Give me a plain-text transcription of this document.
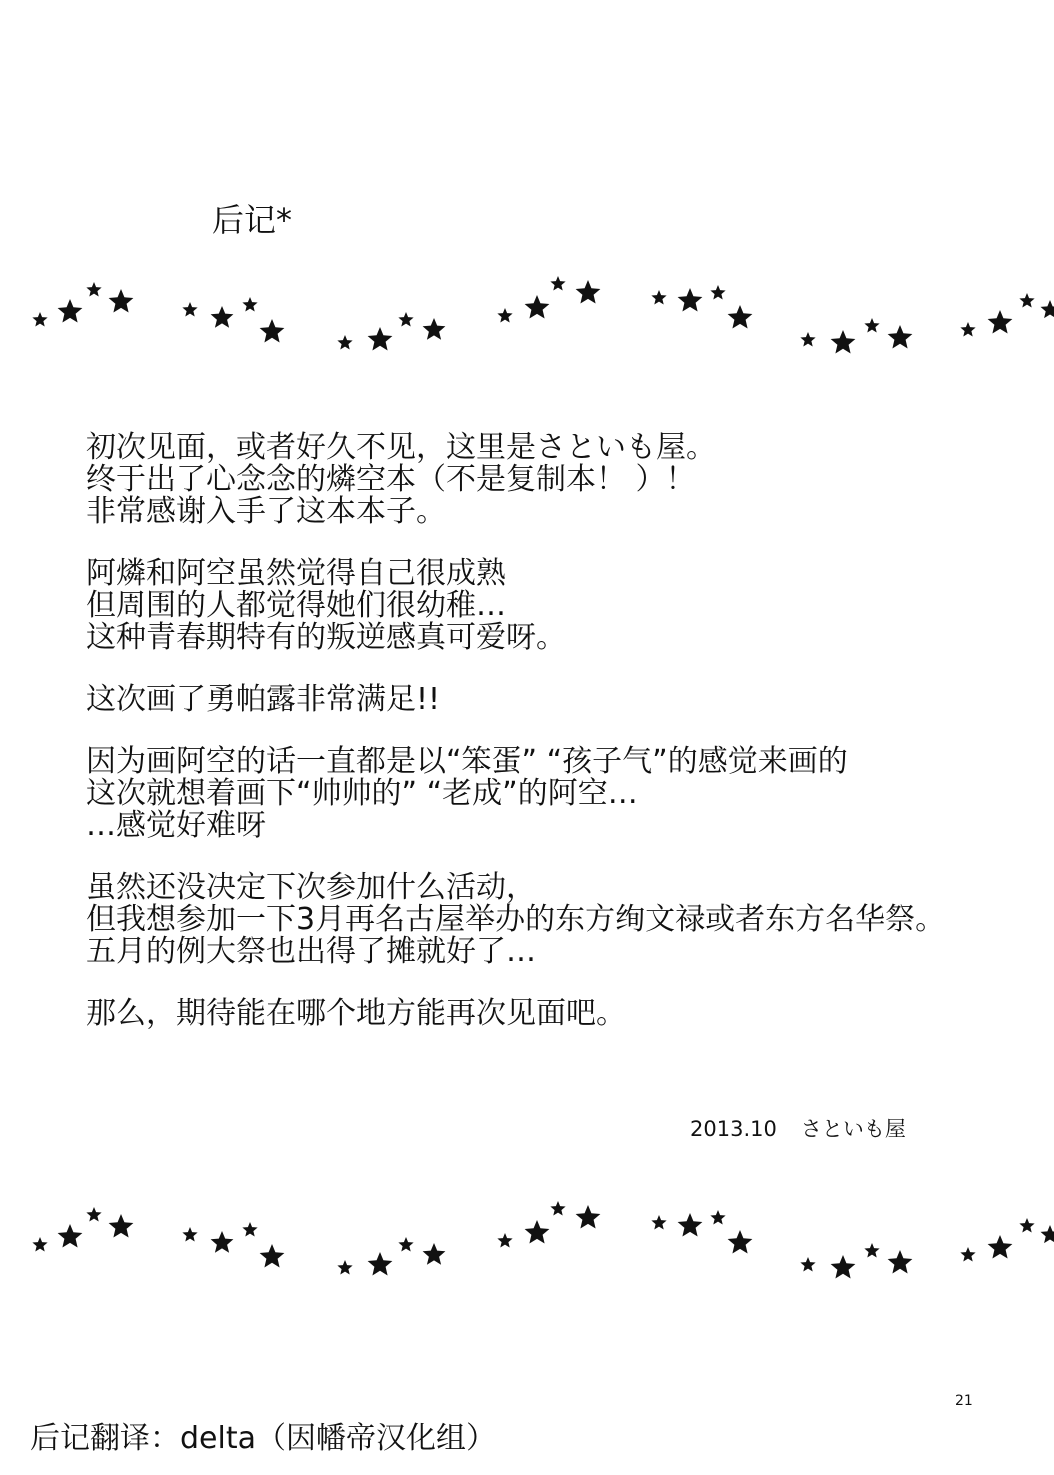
后记*
初次见面，或者好久不见，这里是さといも屋。
终于出了心念念的燐空本（不是复制本！ ）！
非常感谢入手了这本本子。
阿燐和阿空虽然觉得自己很成熟
但周围的人都觉得她们很幼稚…
这种青春期特有的叛逆感真可爱呀。
这次画了勇帕露非常满足!!
因为画阿空的话一直都是以“笨蛋” “孩子气”的感觉来画的
这次就想着画下“帅帅的” “老成”的阿空…
…感觉好难呀
虽然还没决定下次参加什么活动，
但我想参加一下3月再名古屋举办的东方绚文禄或者东方名华祭。
五月的例大祭也出得了摊就好了…
那么，期待能在哪个地方能再次见面吧。
2013.10 さといも屋
21
后记翻译：delta（因幡帝汉化组）
